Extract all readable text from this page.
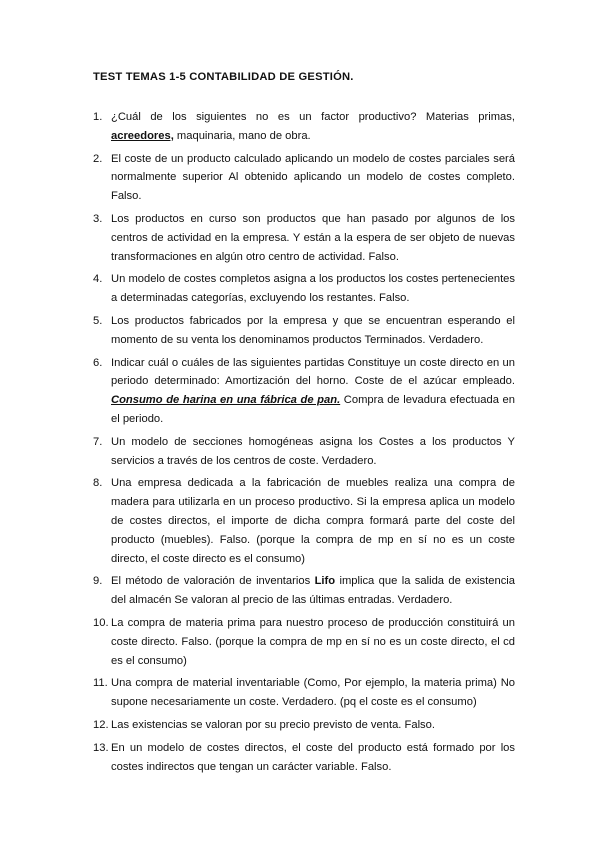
TEST TEMAS 1-5 CONTABILIDAD DE GESTIÓN.
1. ¿Cuál de los siguientes no es un factor productivo? Materias primas, acreedores, maquinaria, mano de obra.
2. El coste de un producto calculado aplicando un modelo de costes parciales será normalmente superior Al obtenido aplicando un modelo de costes completo. Falso.
3. Los productos en curso son productos que han pasado por algunos de los centros de actividad en la empresa. Y están a la espera de ser objeto de nuevas transformaciones en algún otro centro de actividad. Falso.
4. Un modelo de costes completos asigna a los productos los costes pertenecientes a determinadas categorías, excluyendo los restantes. Falso.
5. Los productos fabricados por la empresa y que se encuentran esperando el momento de su venta los denominamos productos Terminados. Verdadero.
6. Indicar cuál o cuáles de las siguientes partidas Constituye un coste directo en un periodo determinado: Amortización del horno. Coste de el azúcar empleado. Consumo de harina en una fábrica de pan. Compra de levadura efectuada en el periodo.
7. Un modelo de secciones homogéneas asigna los Costes a los productos Y servicios a través de los centros de coste. Verdadero.
8. Una empresa dedicada a la fabricación de muebles realiza una compra de madera para utilizarla en un proceso productivo. Si la empresa aplica un modelo de costes directos, el importe de dicha compra formará parte del coste del producto (muebles). Falso. (porque la compra de mp en sí no es un coste directo, el coste directo es el consumo)
9. El método de valoración de inventarios Lifo implica que la salida de existencia del almacén Se valoran al precio de las últimas entradas. Verdadero.
10. La compra de materia prima para nuestro proceso de producción constituirá un coste directo. Falso. (porque la compra de mp en sí no es un coste directo, el cd es el consumo)
11. Una compra de material inventariable (Como, Por ejemplo, la materia prima) No supone necesariamente un coste. Verdadero. (pq el coste es el consumo)
12. Las existencias se valoran por su precio previsto de venta. Falso.
13. En un modelo de costes directos, el coste del producto está formado por los costes indirectos que tengan un carácter variable. Falso.
